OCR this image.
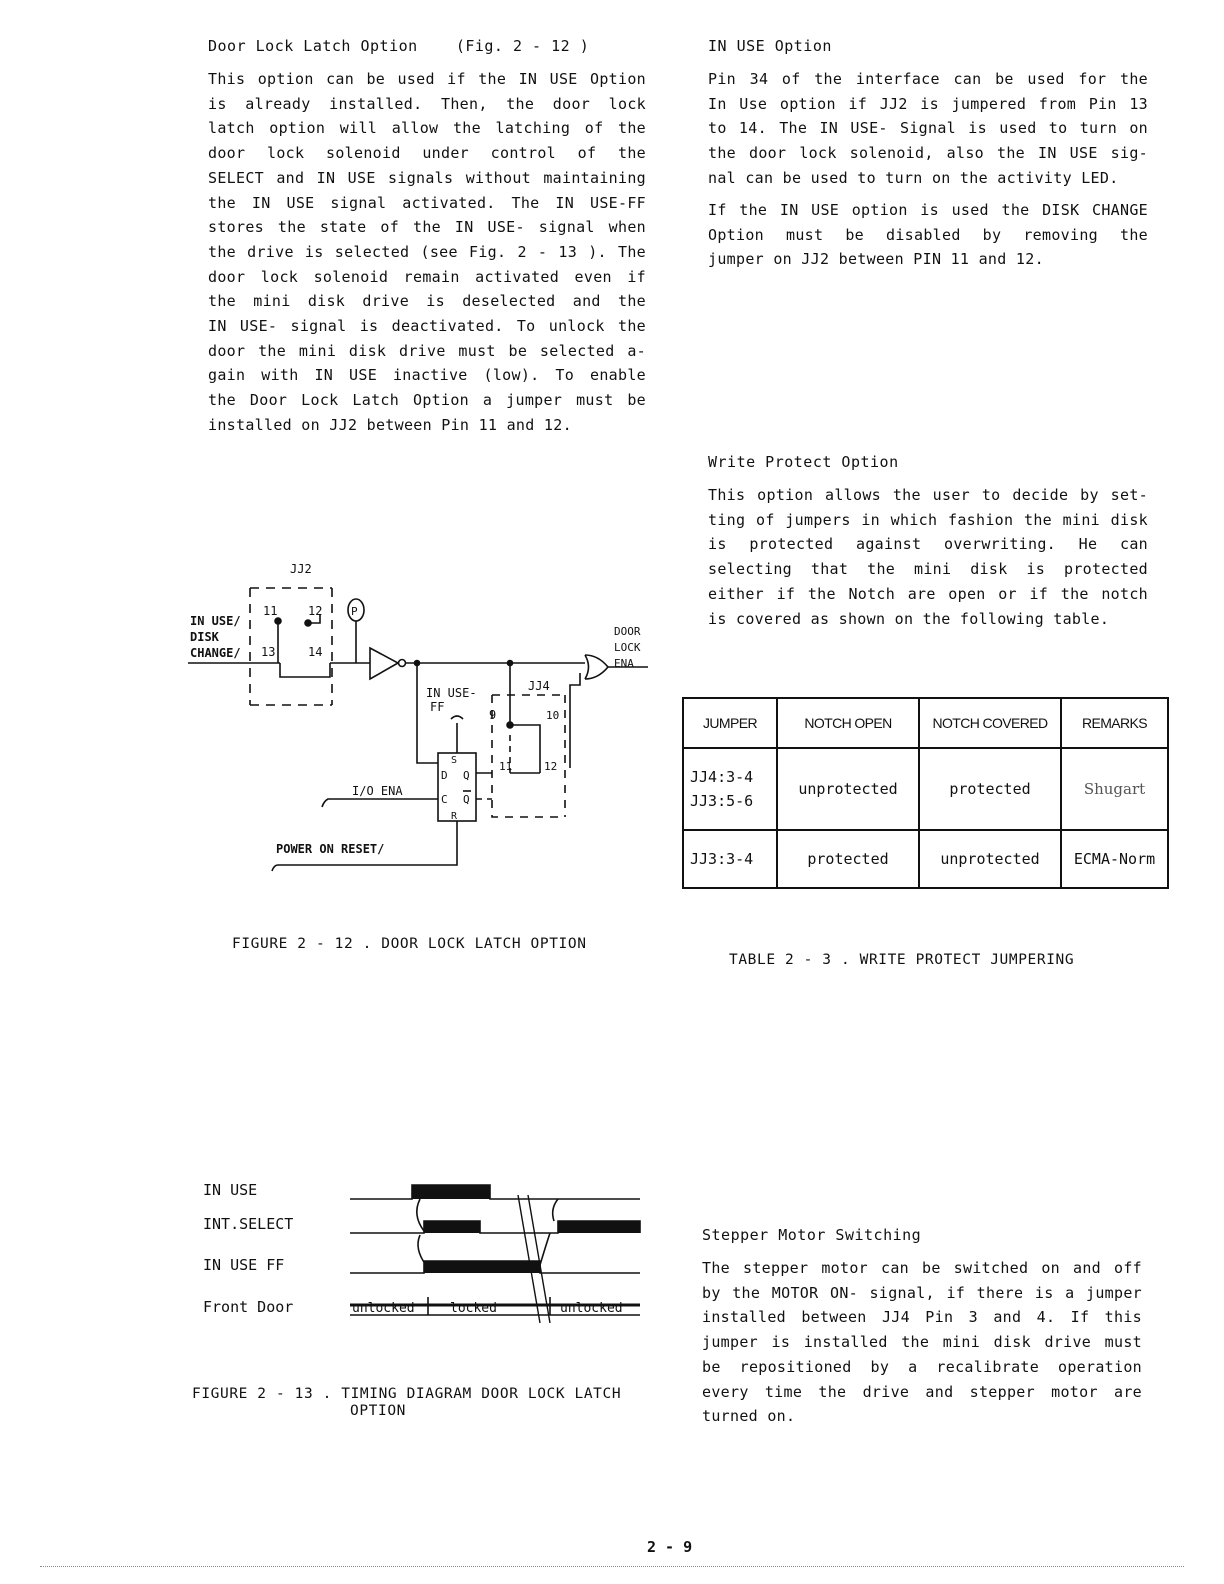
Door Lock Latch Option	(Fig. 2 - 12 )
This option can be used if the IN USE Option
is already installed. Then, the door lock
latch option will allow the latching of the
door lock solenoid under control of the
SELECT and IN USE signals without maintaining
the IN USE signal activated. The IN USE-FF
stores the state of the IN USE- signal when
the drive is selected (see Fig. 2 - 13 ). The
door lock solenoid remain activated even if
the mini disk drive is deselected and the
IN USE- signal is deactivated. To unlock the
door the mini disk drive must be selected a-
gain with IN USE inactive (low). To enable
the Door Lock Latch Option a jumper must be
installed on JJ2 between Pin 11 and 12.
IN USE Option
Pin 34 of the interface can be used for the
In Use option if JJ2 is jumpered from Pin 13
to 14. The IN USE- Signal is used to turn on
the door lock solenoid, also the IN USE sig-
nal can be used to turn on the activity LED.
If the IN USE option is used the DISK CHANGE
Option must be disabled by removing the
jumper on JJ2 between PIN 11 and 12.
Write Protect Option
This option allows the user to decide by set-
ting of jumpers in which fashion the mini disk
is protected against overwriting. He can
selecting that the mini disk is protected
either if the Notch are open or if the notch
is covered as shown on the following table.
JUMPER	NOTCH OPEN	NOTCH COVERED	REMARKS

JJ4:3-4
JJ3:5-6	unprotected	protected	Shugart
JJ3:3-4	protected	unprotected	ECMA-Norm
TABLE 2 - 3 . WRITE PROTECT JUMPERING
JJ2
11	12
13	14
P
IN USE/
DISK
CHANGE/
DOOR
LOCK
ENA
IN USE-
FF
S
D Q
C Q
R
JJ4
9	10
11	12
I/O ENA
POWER ON RESET/
FIGURE 2 - 12 . DOOR LOCK LATCH OPTION
IN USE
INT.SELECT
IN USE FF
Front Door	unlocked	locked	unlocked
FIGURE 2 - 13 . TIMING DIAGRAM DOOR LOCK LATCH
OPTION
Stepper Motor Switching
The stepper motor can be switched on and off
by the MOTOR ON- signal, if there is a jumper
installed between JJ4 Pin 3 and 4. If this
jumper is installed the mini disk drive must
be repositioned by a recalibrate operation
every time the drive and stepper motor are
turned on.
2 - 9
